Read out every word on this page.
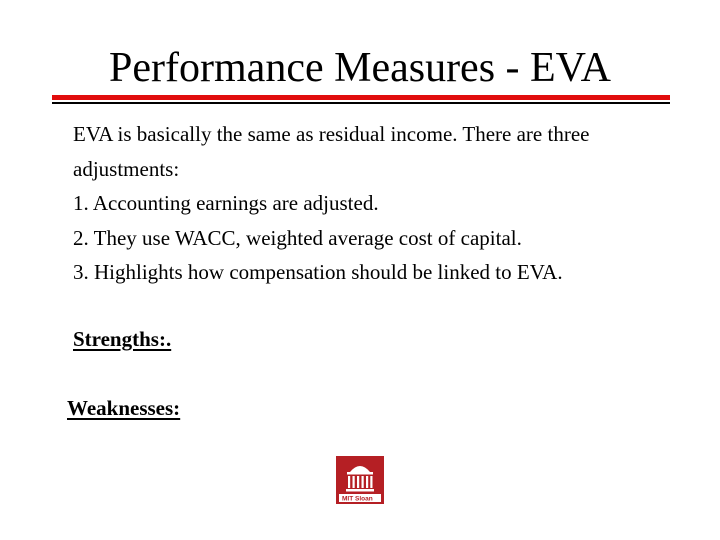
Performance Measures - EVA
EVA is basically the same as residual income. There are three
adjustments:
1. Accounting earnings are adjusted.
2. They use WACC, weighted average cost of capital.
3. Highlights how compensation should be linked to EVA.
Strengths:.
Weaknesses:
MIT Sloan
